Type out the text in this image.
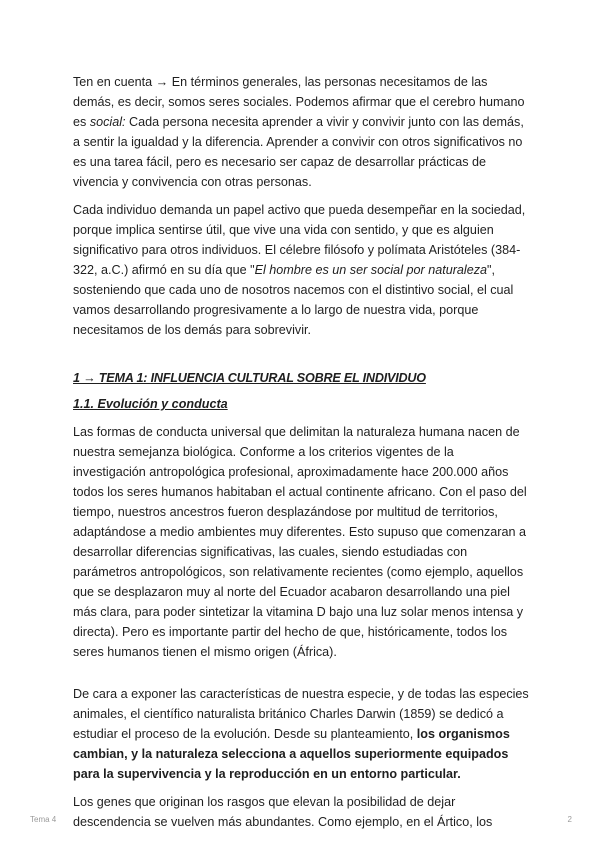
Ten en cuenta → En términos generales, las personas necesitamos de las demás, es decir, somos seres sociales. Podemos afirmar que el cerebro humano es social: Cada persona necesita aprender a vivir y convivir junto con las demás, a sentir la igualdad y la diferencia. Aprender a convivir con otros significativos no es una tarea fácil, pero es necesario ser capaz de desarrollar prácticas de vivencia y convivencia con otras personas.

Cada individuo demanda un papel activo que pueda desempeñar en la sociedad, porque implica sentirse útil, que vive una vida con sentido, y que es alguien significativo para otros individuos. El célebre filósofo y polímata Aristóteles (384-322, a.C.) afirmó en su día que "El hombre es un ser social por naturaleza", sosteniendo que cada uno de nosotros nacemos con el distintivo social, el cual vamos desarrollando progresivamente a lo largo de nuestra vida, porque necesitamos de los demás para sobrevivir.

1 → TEMA 1: INFLUENCIA CULTURAL SOBRE EL INDIVIDUO
1.1. Evolución y conducta

Las formas de conducta universal que delimitan la naturaleza humana nacen de nuestra semejanza biológica. Conforme a los criterios vigentes de la investigación antropológica profesional, aproximadamente hace 200.000 años todos los seres humanos habitaban el actual continente africano. Con el paso del tiempo, nuestros ancestros fueron desplazándose por multitud de territorios, adaptándose a medio ambientes muy diferentes. Esto supuso que comenzaran a desarrollar diferencias significativas, las cuales, siendo estudiadas con parámetros antropológicos, son relativamente recientes (como ejemplo, aquellos que se desplazaron muy al norte del Ecuador acabaron desarrollando una piel más clara, para poder sintetizar la vitamina D bajo una luz solar menos intensa y directa). Pero es importante partir del hecho de que, históricamente, todos los seres humanos tienen el mismo origen (África).

De cara a exponer las características de nuestra especie, y de todas las especies animales, el científico naturalista británico Charles Darwin (1859) se dedicó a estudiar el proceso de la evolución. Desde su planteamiento, los organismos cambian, y la naturaleza selecciona a aquellos superiormente equipados para la supervivencia y la reproducción en un entorno particular.

Los genes que originan los rasgos que elevan la posibilidad de dejar descendencia se vuelven más abundantes. Como ejemplo, en el Ártico, los

Tema 4	2
